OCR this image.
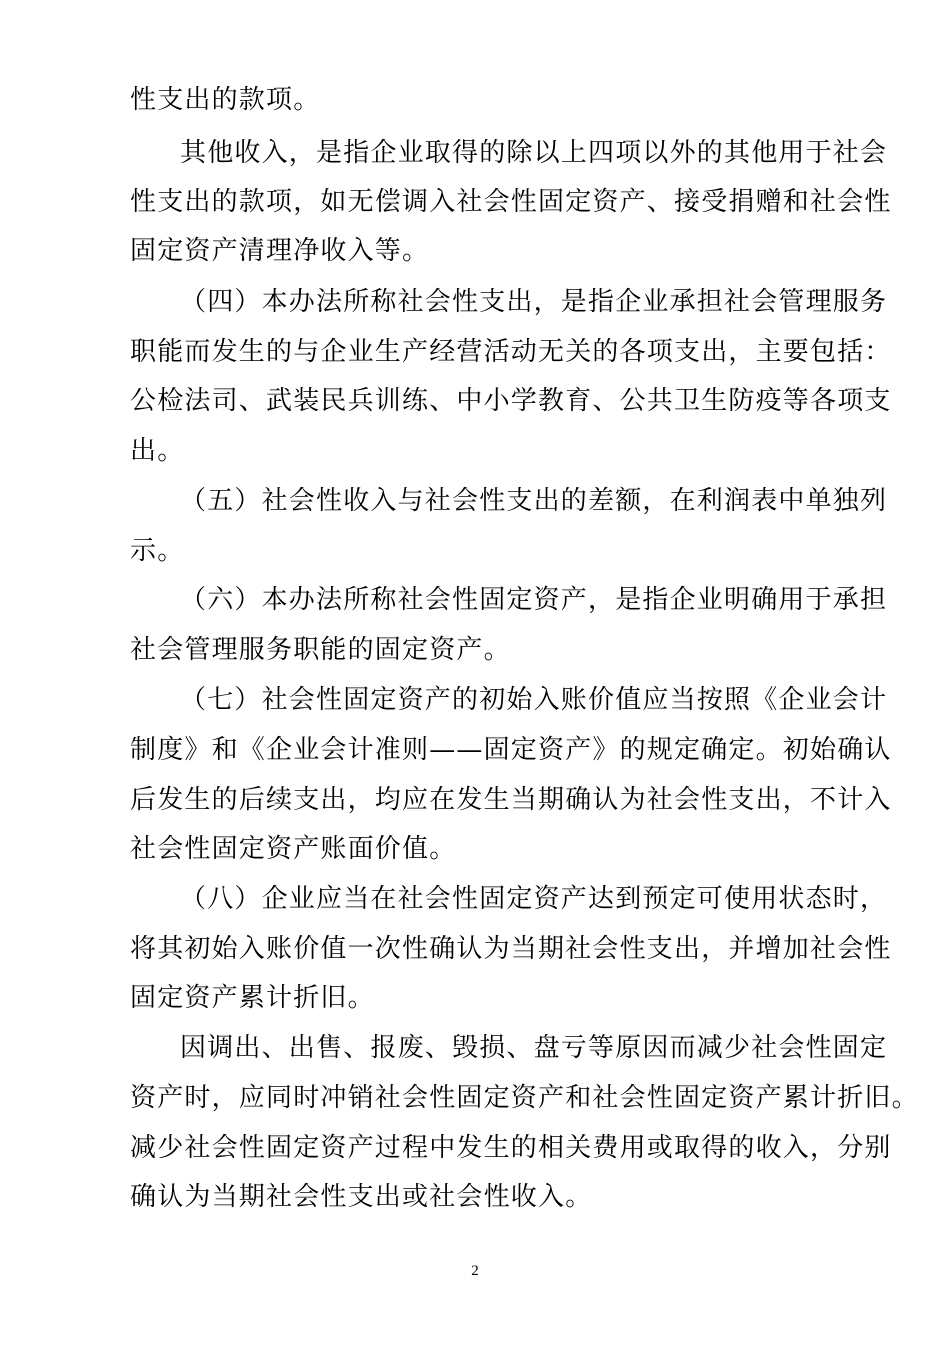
性支出的款项。
其他收入，是指企业取得的除以上四项以外的其他用于社会
性支出的款项，如无偿调入社会性固定资产、接受捐赠和社会性
固定资产清理净收入等。
（四）本办法所称社会性支出，是指企业承担社会管理服务
职能而发生的与企业生产经营活动无关的各项支出，主要包括：
公检法司、武装民兵训练、中小学教育、公共卫生防疫等各项支
出。
（五）社会性收入与社会性支出的差额，在利润表中单独列
示。
（六）本办法所称社会性固定资产，是指企业明确用于承担
社会管理服务职能的固定资产。
（七）社会性固定资产的初始入账价值应当按照《企业会计
制度》和《企业会计准则——固定资产》的规定确定。初始确认
后发生的后续支出，均应在发生当期确认为社会性支出，不计入
社会性固定资产账面价值。
（八）企业应当在社会性固定资产达到预定可使用状态时，
将其初始入账价值一次性确认为当期社会性支出，并增加社会性
固定资产累计折旧。
因调出、出售、报废、毁损、盘亏等原因而减少社会性固定
资产时，应同时冲销社会性固定资产和社会性固定资产累计折旧。
减少社会性固定资产过程中发生的相关费用或取得的收入，分别
确认为当期社会性支出或社会性收入。
2
